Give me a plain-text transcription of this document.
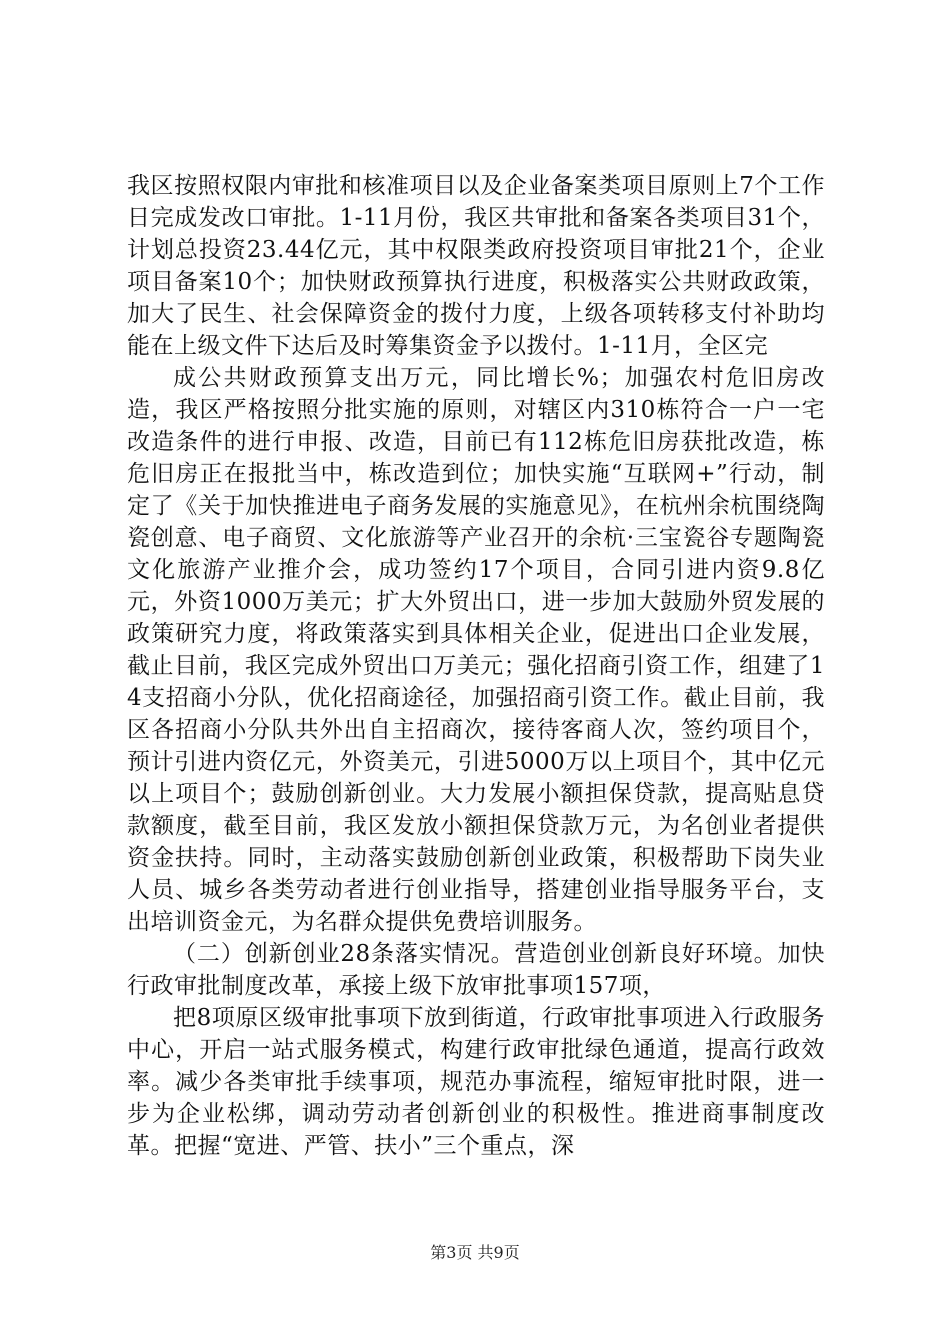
我区按照权限内审批和核准项目以及企业备案类项目原则上7个工作日完成发改口审批。1-11月份，我区共审批和备案各类项目31个，计划总投资23.44亿元，其中权限类政府投资项目审批21个，企业项目备案10个；加快财政预算执行进度，积极落实公共财政政策，加大了民生、社会保障资金的拨付力度，上级各项转移支付补助均能在上级文件下达后及时筹集资金予以拨付。1-11月，全区完

成公共财政预算支出万元，同比增长%；加强农村危旧房改造，我区严格按照分批实施的原则，对辖区内310栋符合一户一宅改造条件的进行申报、改造，目前已有112栋危旧房获批改造，栋危旧房正在报批当中，栋改造到位；加快实施“互联网+”行动，制定了《关于加快推进电子商务发展的实施意见》，在杭州余杭围绕陶瓷创意、电子商贸、文化旅游等产业召开的余杭·三宝瓷谷专题陶瓷文化旅游产业推介会，成功签约17个项目，合同引进内资9.8亿元，外资1000万美元；扩大外贸出口，进一步加大鼓励外贸发展的政策研究力度，将政策落实到具体相关企业，促进出口企业发展，截止目前，我区完成外贸出口万美元；强化招商引资工作，组建了14支招商小分队，优化招商途径，加强招商引资工作。截止目前，我区各招商小分队共外出自主招商次，接待客商人次，签约项目个，预计引进内资亿元，外资美元，引进5000万以上项目个，其中亿元以上项目个；鼓励创新创业。大力发展小额担保贷款，提高贴息贷款额度，截至目前，我区发放小额担保贷款万元，为名创业者提供资金扶持。同时，主动落实鼓励创新创业政策，积极帮助下岗失业人员、城乡各类劳动者进行创业指导，搭建创业指导服务平台，支出培训资金元，为名群众提供免费培训服务。

（二）创新创业28条落实情况。营造创业创新良好环境。加快行政审批制度改革，承接上级下放审批事项157项，

把8项原区级审批事项下放到街道，行政审批事项进入行政服务中心，开启一站式服务模式，构建行政审批绿色通道，提高行政效率。减少各类审批手续事项，规范办事流程，缩短审批时限，进一步为企业松绑，调动劳动者创新创业的积极性。推进商事制度改革。把握“宽进、严管、扶小”三个重点，深

第3页 共9页
